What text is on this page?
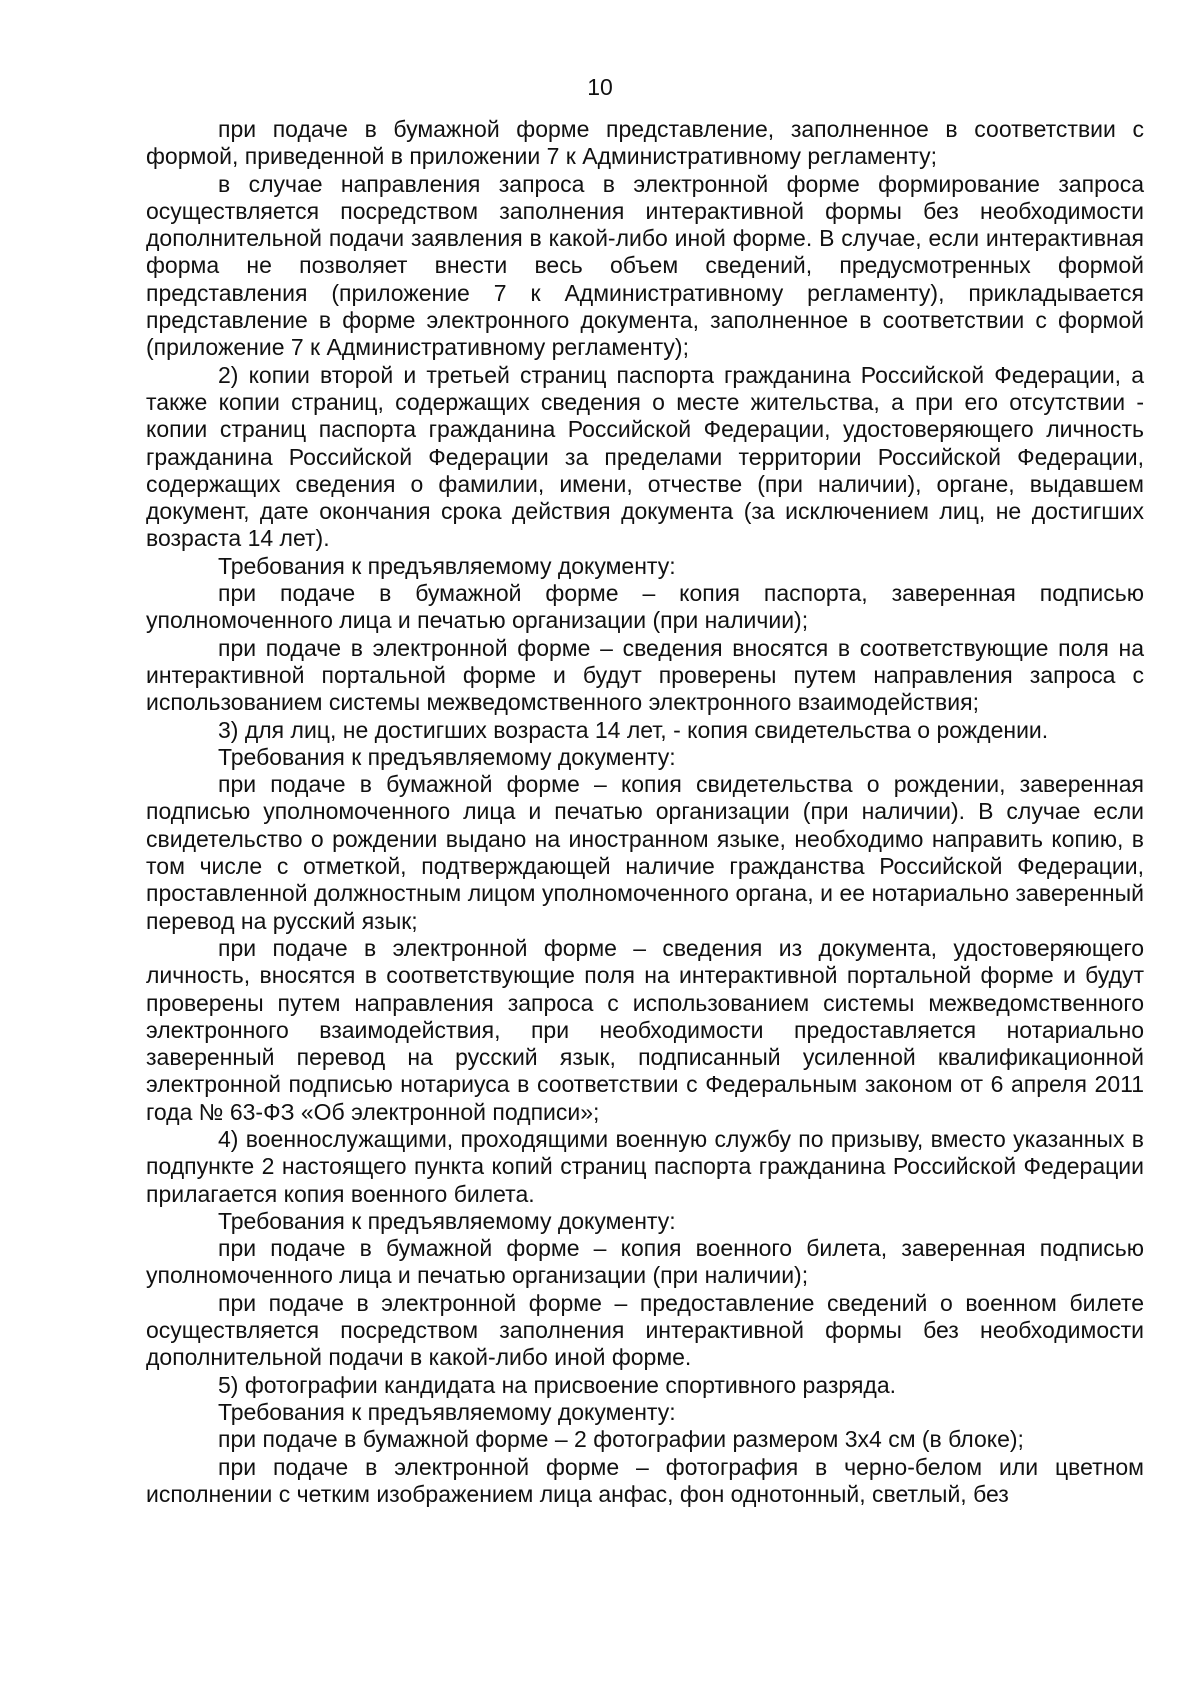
10

при подаче в бумажной форме представление, заполненное в соответствии с формой, приведенной в приложении 7 к Административному регламенту;

в случае направления запроса в электронной форме формирование запроса осуществляется посредством заполнения интерактивной формы без необходимости дополнительной подачи заявления в какой-либо иной форме. В случае, если интерактивная форма не позволяет внести весь объем сведений, предусмотренных формой представления (приложение 7 к Административному регламенту), прикладывается представление в форме электронного документа, заполненное в соответствии с формой (приложение 7 к Административному регламенту);

2) копии второй и третьей страниц паспорта гражданина Российской Федерации, а также копии страниц, содержащих сведения о месте жительства, а при его отсутствии - копии страниц паспорта гражданина Российской Федерации, удостоверяющего личность гражданина Российской Федерации за пределами территории Российской Федерации, содержащих сведения о фамилии, имени, отчестве (при наличии), органе, выдавшем документ, дате окончания срока действия документа (за исключением лиц, не достигших возраста 14 лет).

Требования к предъявляемому документу:

при подаче в бумажной форме – копия паспорта, заверенная подписью уполномоченного лица и печатью организации (при наличии);

при подаче в электронной форме – сведения вносятся в соответствующие поля на интерактивной портальной форме и будут проверены путем направления запроса с использованием системы межведомственного электронного взаимодействия;

3) для лиц, не достигших возраста 14 лет, - копия свидетельства о рождении.

Требования к предъявляемому документу:

при подаче в бумажной форме – копия свидетельства о рождении, заверенная подписью уполномоченного лица и печатью организации (при наличии). В случае если свидетельство о рождении выдано на иностранном языке, необходимо направить копию, в том числе с отметкой, подтверждающей наличие гражданства Российской Федерации, проставленной должностным лицом уполномоченного органа, и ее нотариально заверенный перевод на русский язык;

при подаче в электронной форме – сведения из документа, удостоверяющего личность, вносятся в соответствующие поля на интерактивной портальной форме и будут проверены путем направления запроса с использованием системы межведомственного электронного взаимодействия, при необходимости предоставляется нотариально заверенный перевод на русский язык, подписанный усиленной квалификационной электронной подписью нотариуса в соответствии с Федеральным законом от 6 апреля 2011 года № 63-ФЗ «Об электронной подписи»;

4) военнослужащими, проходящими военную службу по призыву, вместо указанных в подпункте 2 настоящего пункта копий страниц паспорта гражданина Российской Федерации прилагается копия военного билета.

Требования к предъявляемому документу:

при подаче в бумажной форме – копия военного билета, заверенная подписью уполномоченного лица и печатью организации (при наличии);

при подаче в электронной форме – предоставление сведений о военном билете осуществляется посредством заполнения интерактивной формы без необходимости дополнительной подачи в какой-либо иной форме.

5) фотографии кандидата на присвоение спортивного разряда.

Требования к предъявляемому документу:

при подаче в бумажной форме – 2 фотографии размером 3х4 см (в блоке);

при подаче в электронной форме – фотография в черно-белом или цветном исполнении с четким изображением лица анфас, фон однотонный, светлый, без
